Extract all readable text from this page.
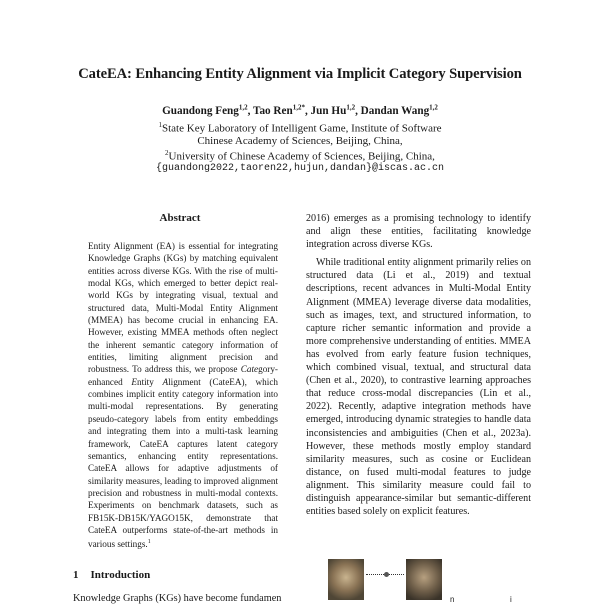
CateEA: Enhancing Entity Alignment via Implicit Category Supervision
Guandong Feng$^{1,2}$, Tao Ren$^{1,2*}$, Jun Hu$^{1,2}$, Dandan Wang$^{1,2}$
$^1$State Key Laboratory of Intelligent Game, Institute of Software
Chinese Academy of Sciences, Beijing, China,
$^2$University of Chinese Academy of Sciences, Beijing, China,
{guandong2022,taoren22,hujun,dandan}@iscas.ac.cn
Abstract
Entity Alignment (EA) is essential for integrating Knowledge Graphs (KGs) by matching equivalent entities across diverse KGs. With the rise of multi-modal KGs, which emerged to better depict real-world KGs by integrating visual, textual and structured data, Multi-Modal Entity Alignment (MMEA) has become crucial in enhancing EA. However, existing MMEA methods often neglect the inherent semantic category information of entities, limiting alignment precision and robustness. To address this, we propose Category-enhanced Entity Alignment (CateEA), which combines implicit entity category information into multi-modal representations. By generating pseudo-category labels from entity embeddings and integrating them into a multi-task learning framework, CateEA captures latent category semantics, enhancing entity representations. CateEA allows for adaptive adjustments of similarity measures, leading to improved alignment precision and robustness in multi-modal contexts. Experiments on benchmark datasets, such as FB15K-DB15K/YAGO15K, demonstrate that CateEA outperforms state-of-the-art methods in various settings.$^1$
1 Introduction
Knowledge Graphs (KGs) have become fundamen

2016) emerges as a promising technology to identify and align these entities, facilitating knowledge integration across diverse KGs.

While traditional entity alignment primarily relies on structured data (Li et al., 2019) and textual descriptions, recent advances in Multi-Modal Entity Alignment (MMEA) leverage diverse data modalities, such as images, text, and structured information, to capture richer semantic information and provide a more comprehensive understanding of entities. MMEA has evolved from early feature fusion techniques, which combined visual, textual, and structural data (Chen et al., 2020), to contrastive learning approaches that reduce cross-modal discrepancies (Lin et al., 2022). Recently, adaptive integration methods have emerged, introducing dynamic strategies to handle data inconsistencies and ambiguities (Chen et al., 2023a). However, these methods mostly employ standard similarity measures, such as cosine or Euclidean distance, on fused multi-modal features to judge alignment. This similarity measure could fail to distinguish appearance-similar but semantic-different entities based solely on explicit features.

n	i
